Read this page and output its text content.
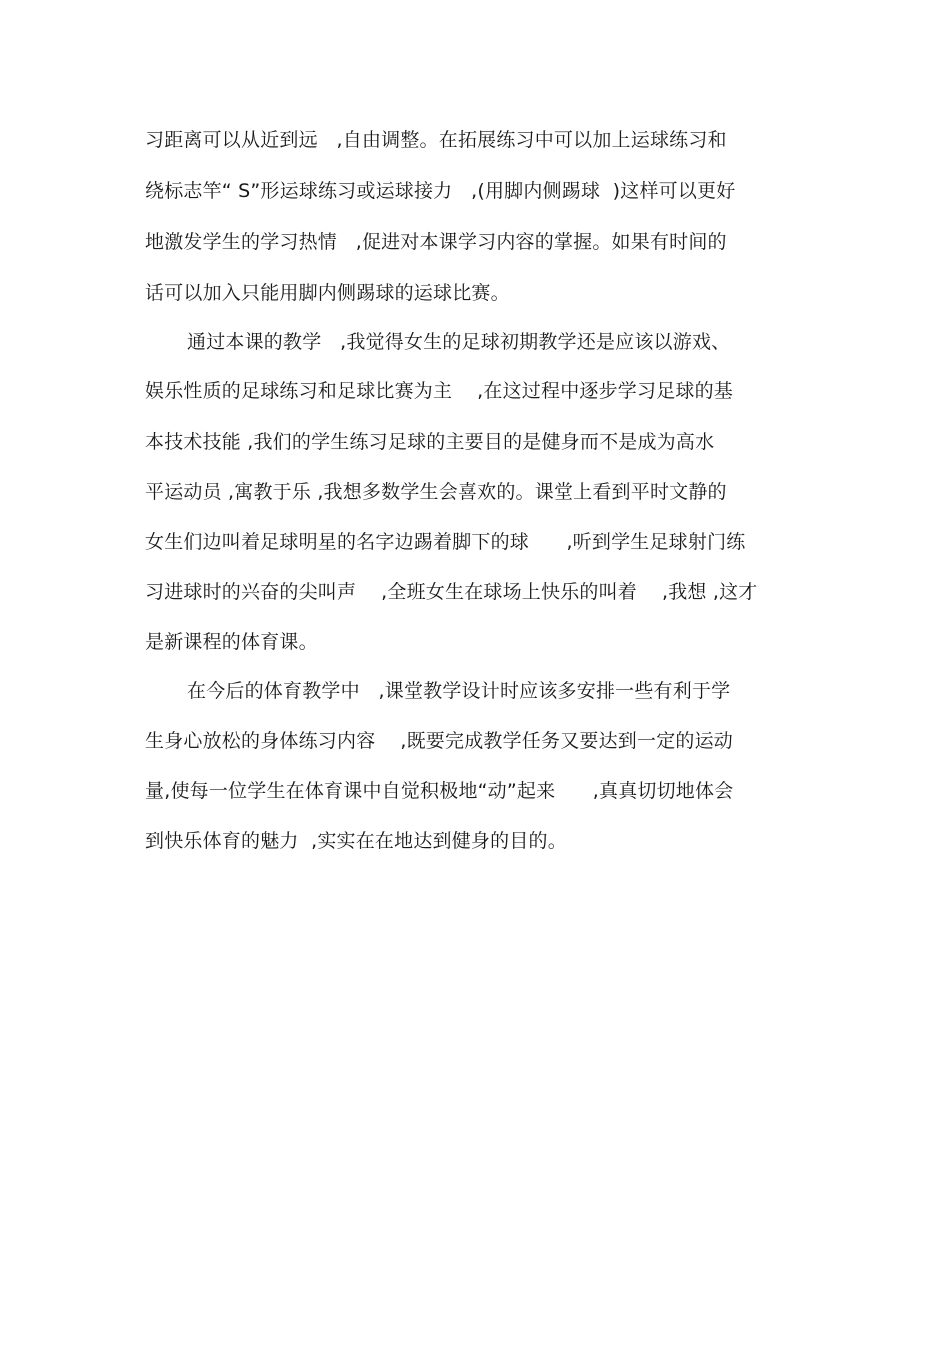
习距离可以从近到远   ,自由调整。在拓展练习中可以加上运球练习和
绕标志竿“ S”形运球练习或运球接力   ,(用脚内侧踢球  )这样可以更好
地激发学生的学习热情   ,促进对本课学习内容的掌握。如果有时间的
话可以加入只能用脚内侧踢球的运球比赛。
通过本课的教学   ,我觉得女生的足球初期教学还是应该以游戏、
娱乐性质的足球练习和足球比赛为主    ,在这过程中逐步学习足球的基
本技术技能 ,我们的学生练习足球的主要目的是健身而不是成为高水
平运动员 ,寓教于乐 ,我想多数学生会喜欢的。课堂上看到平时文静的
女生们边叫着足球明星的名字边踢着脚下的球      ,听到学生足球射门练
习进球时的兴奋的尖叫声    ,全班女生在球场上快乐的叫着    ,我想 ,这才
是新课程的体育课。
在今后的体育教学中   ,课堂教学设计时应该多安排一些有利于学
生身心放松的身体练习内容    ,既要完成教学任务又要达到一定的运动
量,使每一位学生在体育课中自觉积极地“动”起来      ,真真切切地体会
到快乐体育的魅力  ,实实在在地达到健身的目的。
